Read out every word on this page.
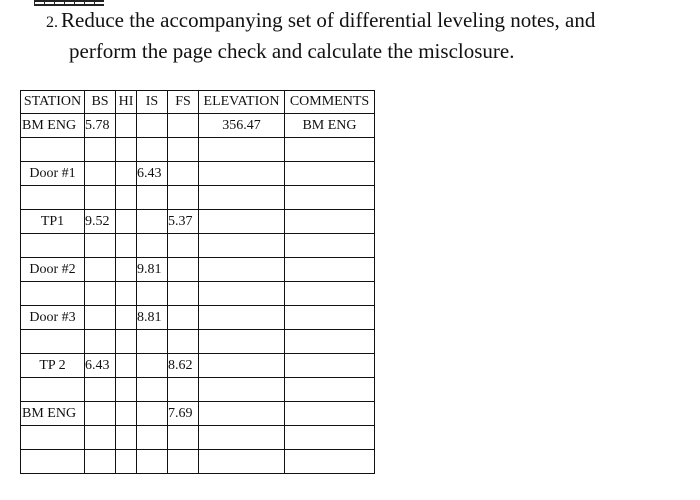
2. Reduce the accompanying set of differential leveling notes, and
perform the page check and calculate the misclosure.
STATION	BS	HI	IS	FS	ELEVATION	COMMENTS
BM ENG	5.78				356.47	BM ENG

Door #1			6.43			

TP1	9.52			5.37		

Door #2			9.81			

Door #3			8.81			

TP 2	6.43			8.62		

BM ENG				7.69		
